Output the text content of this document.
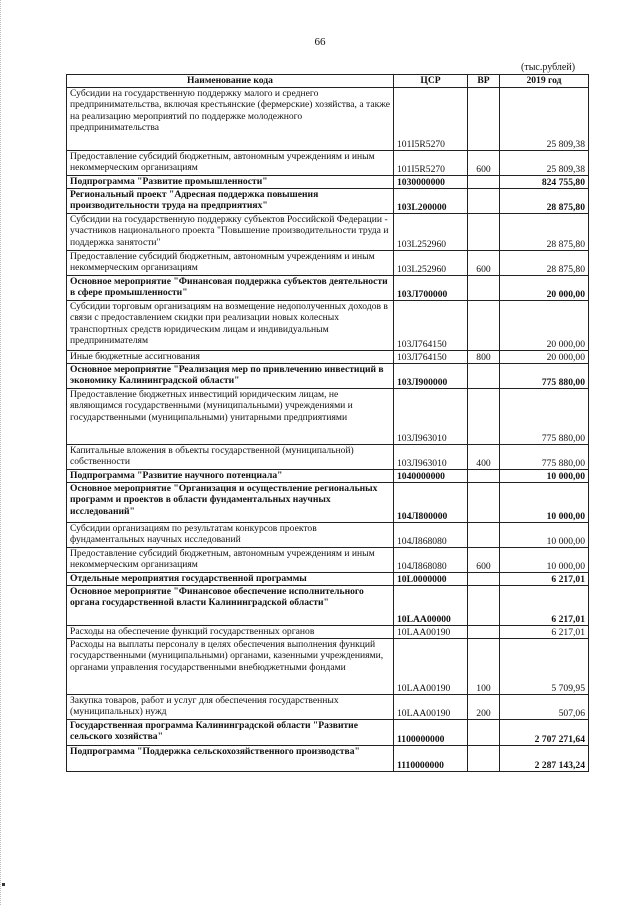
66
(тыс.рублей)
Наименование кода	ЦСР	ВР	2019 год
Субсидии на государственную поддержку малого и среднего предпринимательства, включая крестьянские (фермерские) хозяйства, а также на реализацию мероприятий по поддержке молодежного предпринимательства	101I5R5270		25 809,38
Предоставление субсидий бюджетным, автономным учреждениям и иным некоммерческим организациям	101I5R5270	600	25 809,38
Подпрограмма "Развитие промышленности"	1030000000		824 755,80
Региональный проект "Адресная поддержка повышения производительности труда на предприятиях"	103L200000		28 875,80
Субсидии на государственную поддержку субъектов Российской Федерации - участников национального проекта "Повышение производительности труда и поддержка занятости"	103L252960		28 875,80
Предоставление субсидий бюджетным, автономным учреждениям и иным некоммерческим организациям	103L252960	600	28 875,80
Основное мероприятие "Финансовая поддержка субъектов деятельности в сфере промышленности"	103Л700000		20 000,00
Субсидии торговым организациям на возмещение недополученных доходов в связи с предоставлением скидки при реализации новых колесных транспортных средств юридическим лицам и индивидуальным предпринимателям	103Л764150		20 000,00
Иные бюджетные ассигнования	103Л764150	800	20 000,00
Основное мероприятие "Реализация мер по привлечению инвестиций в экономику Калининградской области"	103Л900000		775 880,00
Предоставление бюджетных инвестиций юридическим лицам, не являющимся государственными (муниципальными) учреждениями и государственными (муниципальными) унитарными предприятиями	103Л963010		775 880,00
Капитальные вложения в объекты государственной (муниципальной) собственности	103Л963010	400	775 880,00
Подпрограмма "Развитие научного потенциала"	1040000000		10 000,00
Основное мероприятие "Организация и осуществление региональных программ и проектов в области фундаментальных научных исследований"	104Л800000		10 000,00
Субсидии организациям по результатам конкурсов проектов фундаментальных научных исследований	104Л868080		10 000,00
Предоставление субсидий бюджетным, автономным учреждениям и иным некоммерческим организациям	104Л868080	600	10 000,00
Отдельные мероприятия государственной программы	10L0000000		6 217,01
Основное мероприятие "Финансовое обеспечение исполнительного органа государственной власти Калининградской области"	10LAA00000		6 217,01
Расходы на обеспечение функций государственных органов	10LAA00190		6 217,01
Расходы на выплаты персоналу в целях обеспечения выполнения функций государственными (муниципальными) органами, казенными учреждениями, органами управления государственными внебюджетными фондами	10LAA00190	100	5 709,95
Закупка товаров, работ и услуг для обеспечения государственных (муниципальных) нужд	10LAA00190	200	507,06
Государственная программа Калининградской области "Развитие сельского хозяйства"	1100000000		2 707 271,64
Подпрограмма "Поддержка сельскохозяйственного производства"	1110000000		2 287 143,24
